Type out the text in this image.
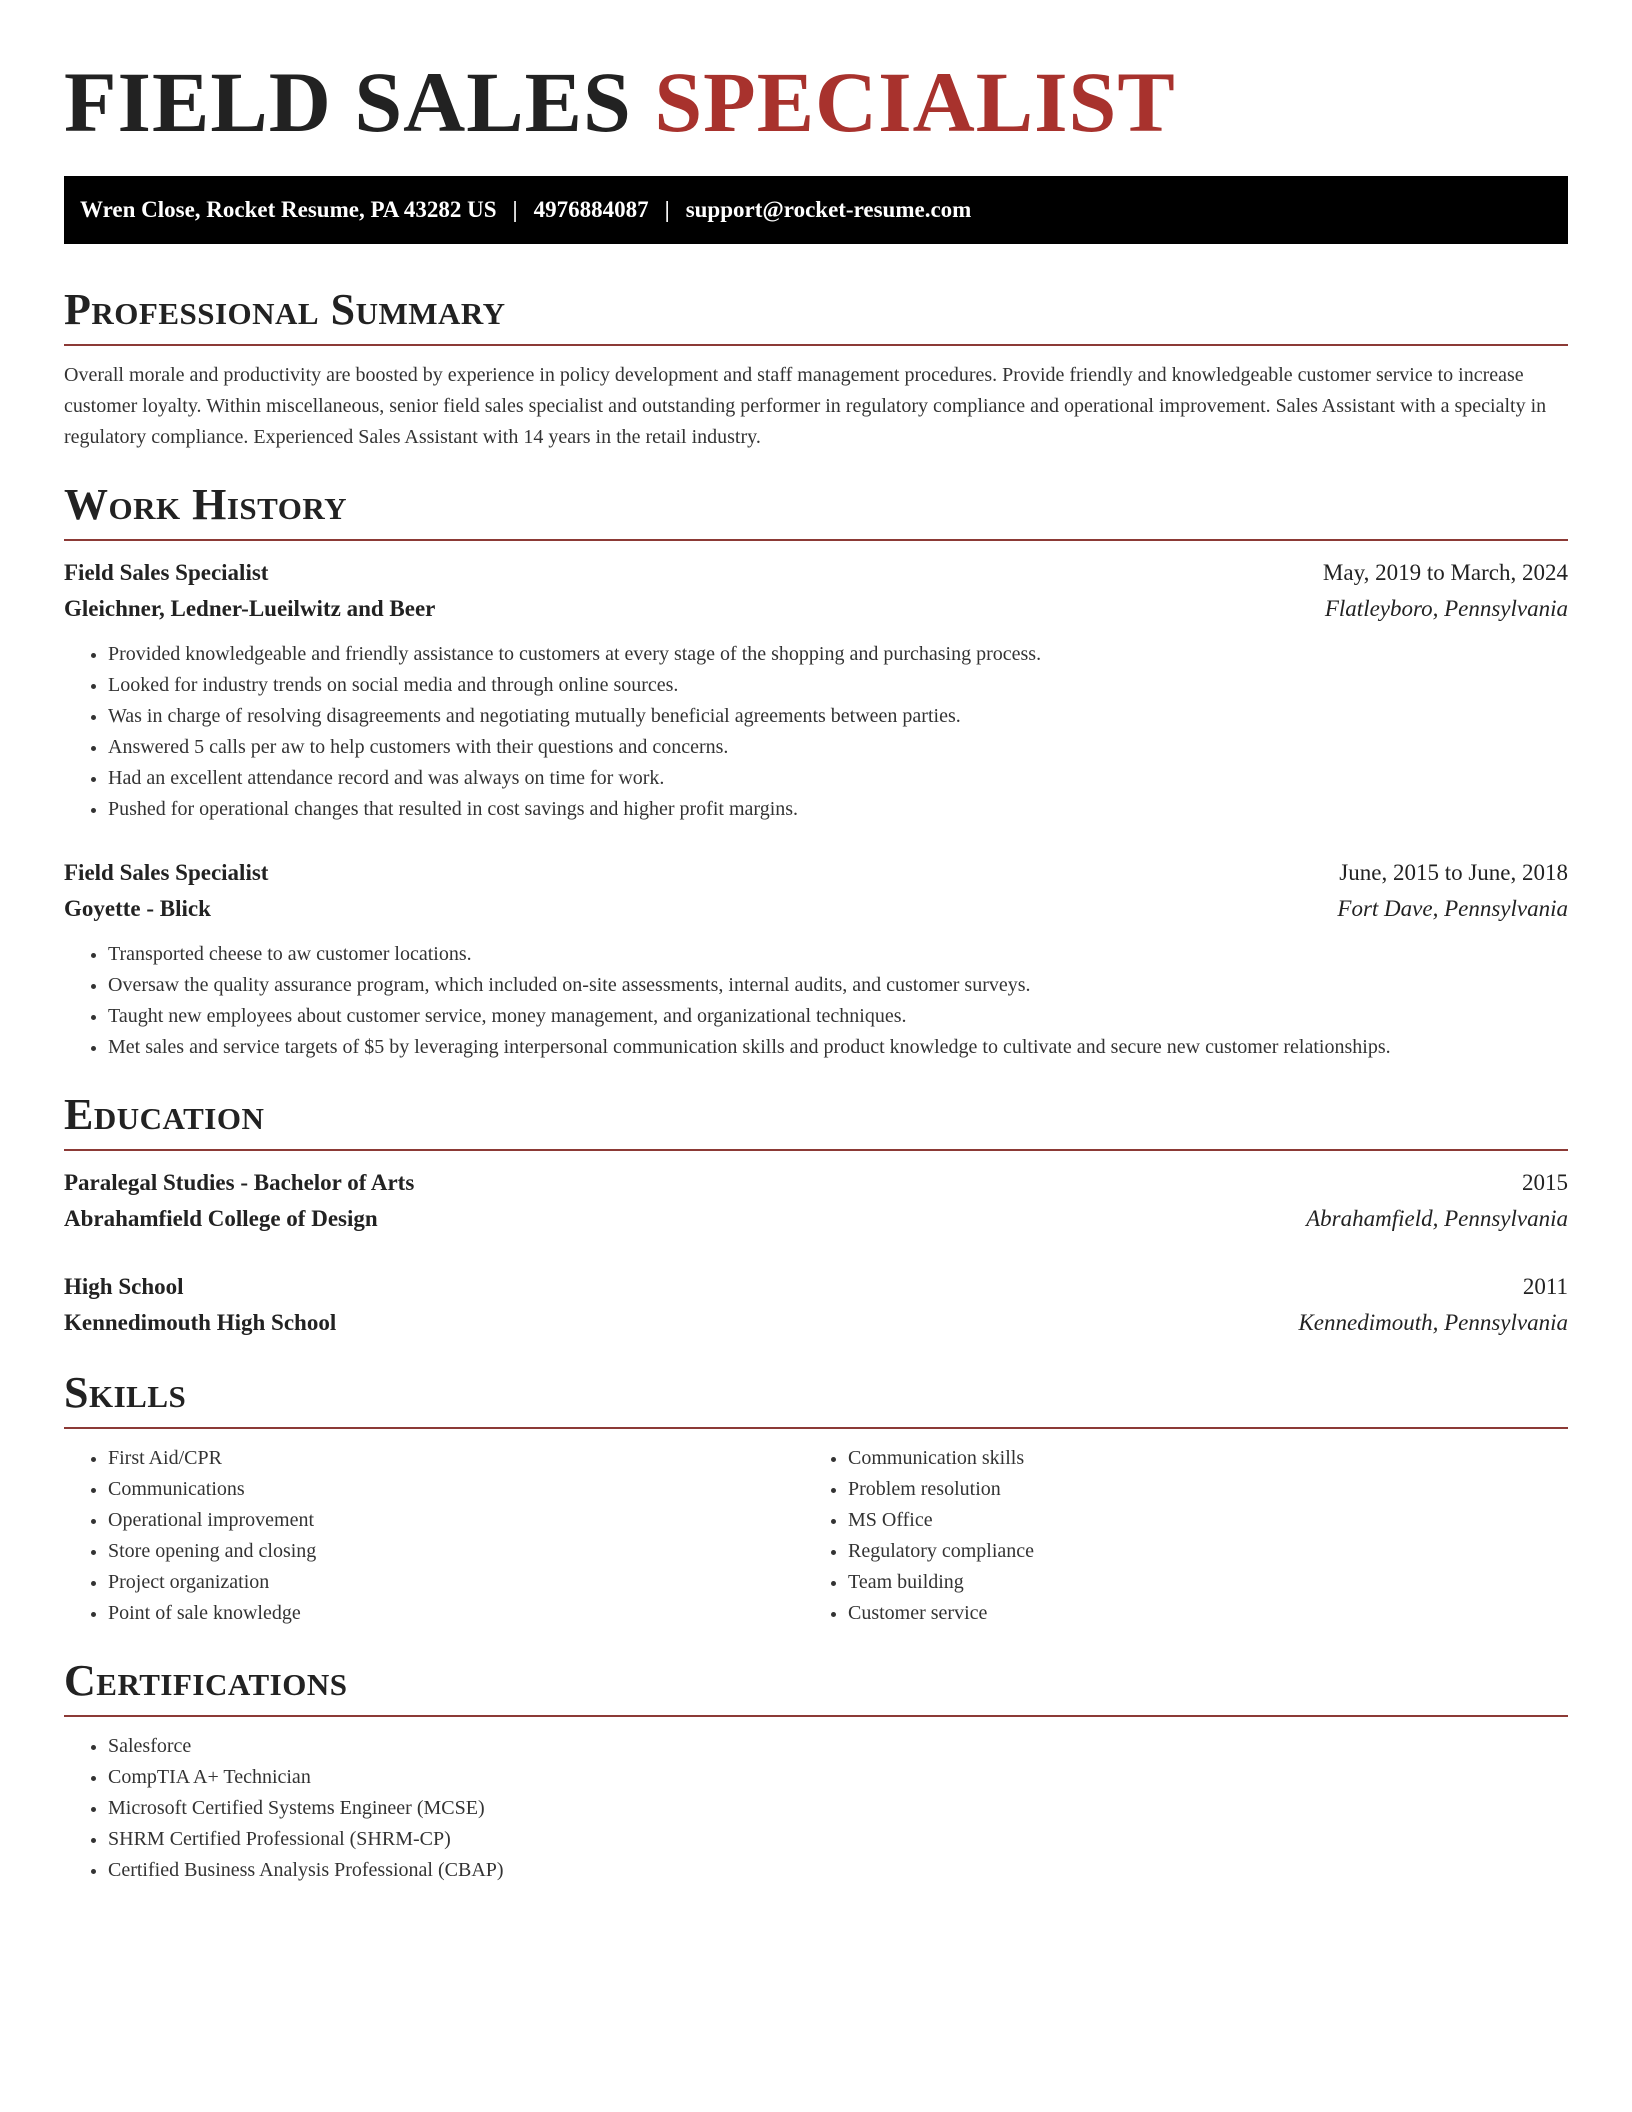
FIELD SALES SPECIALIST
Wren Close, Rocket Resume, PA 43282 US | 4976884087 | support@rocket-resume.com
Professional Summary

Overall morale and productivity are boosted by experience in policy development and staff management procedures. Provide friendly and knowledgeable customer service to increase customer loyalty. Within miscellaneous, senior field sales specialist and outstanding performer in regulatory compliance and operational improvement. Sales Assistant with a specialty in regulatory compliance. Experienced Sales Assistant with 14 years in the retail industry.

Work History
Field Sales Specialist	May, 2019 to March, 2024
Gleichner, Ledner-Lueilwitz and Beer	Flatleyboro, Pennsylvania
• Provided knowledgeable and friendly assistance to customers at every stage of the shopping and purchasing process.
• Looked for industry trends on social media and through online sources.
• Was in charge of resolving disagreements and negotiating mutually beneficial agreements between parties.
• Answered 5 calls per aw to help customers with their questions and concerns.
• Had an excellent attendance record and was always on time for work.
• Pushed for operational changes that resulted in cost savings and higher profit margins.
Field Sales Specialist	June, 2015 to June, 2018
Goyette - Blick	Fort Dave, Pennsylvania
• Transported cheese to aw customer locations.
• Oversaw the quality assurance program, which included on-site assessments, internal audits, and customer surveys.
• Taught new employees about customer service, money management, and organizational techniques.
• Met sales and service targets of $5 by leveraging interpersonal communication skills and product knowledge to cultivate and secure new customer relationships.
Education
Paralegal Studies - Bachelor of Arts	2015
Abrahamfield College of Design	Abrahamfield, Pennsylvania
High School	2011
Kennedimouth High School	Kennedimouth, Pennsylvania
Skills
• First Aid/CPR
• Communications
• Operational improvement
• Store opening and closing
• Project organization
• Point of sale knowledge
• Communication skills
• Problem resolution
• MS Office
• Regulatory compliance
• Team building
• Customer service
Certifications
• Salesforce
• CompTIA A+ Technician
• Microsoft Certified Systems Engineer (MCSE)
• SHRM Certified Professional (SHRM-CP)
• Certified Business Analysis Professional (CBAP)
